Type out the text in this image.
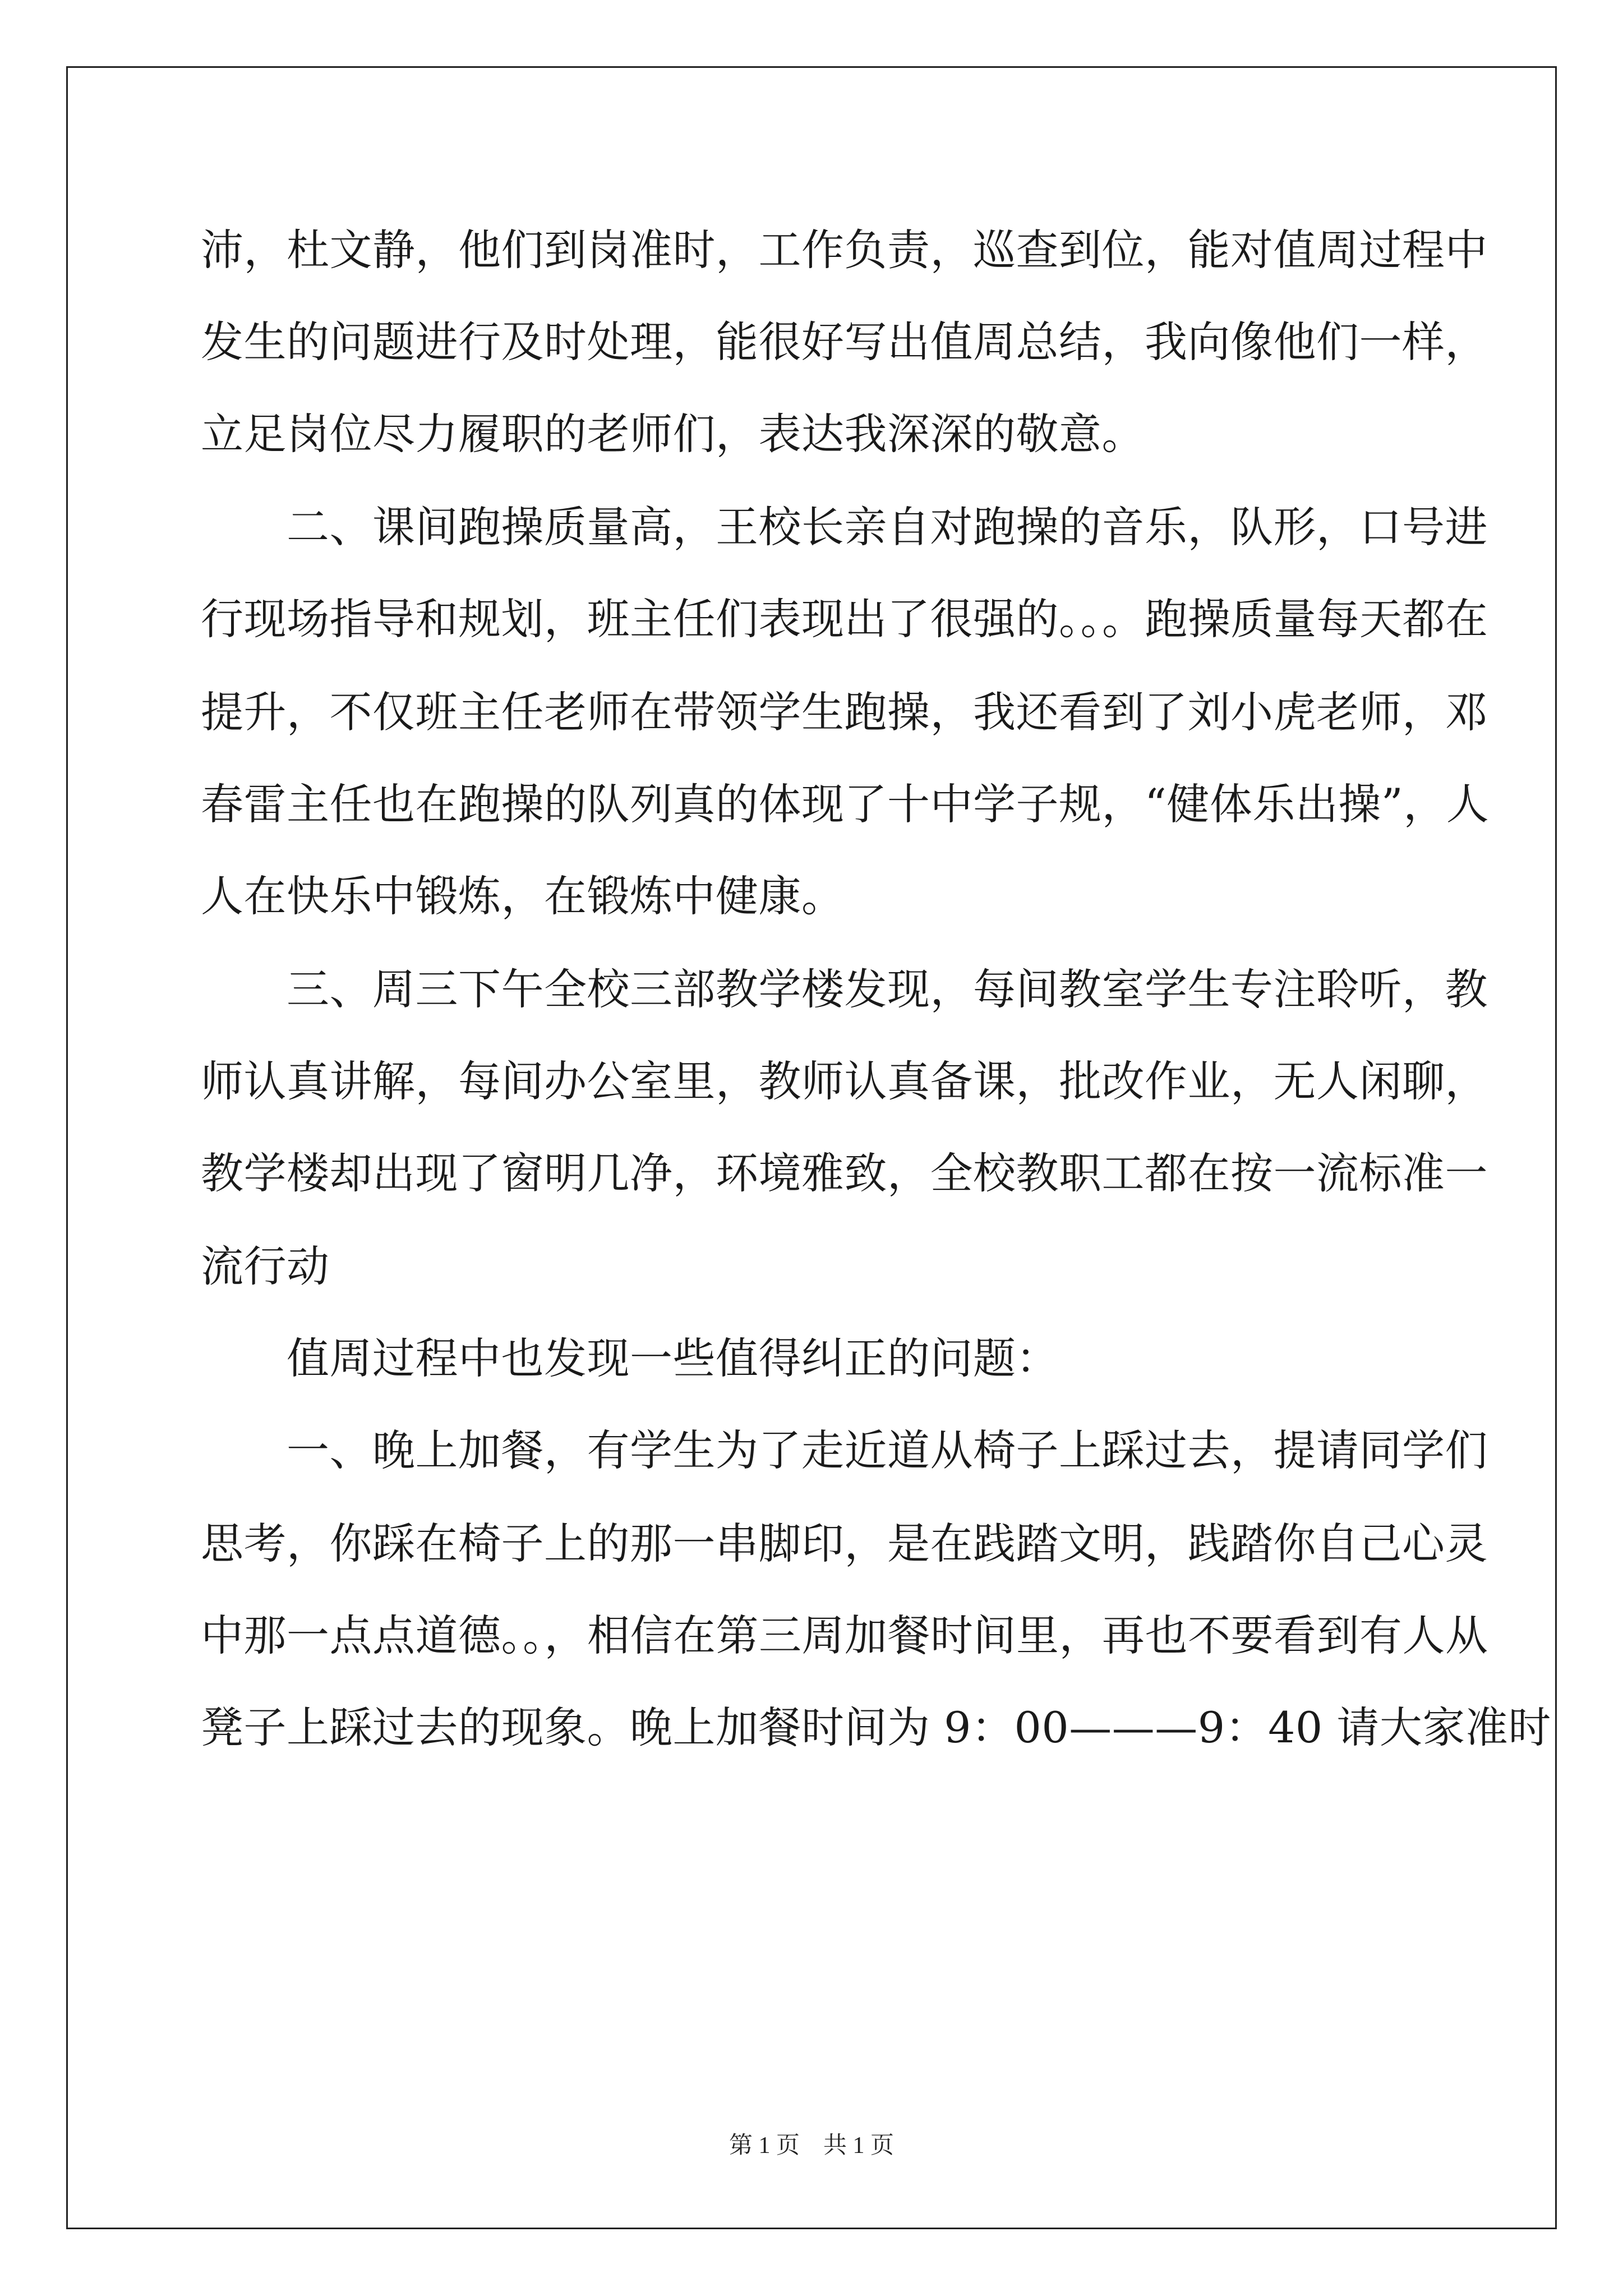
沛，杜文静，他们到岗准时，工作负责，巡查到位，能对值周过程中
发生的问题进行及时处理，能很好写出值周总结，我向像他们一样，
立足岗位尽力履职的老师们，表达我深深的敬意。
　　二、课间跑操质量高，王校长亲自对跑操的音乐，队形，口号进
行现场指导和规划，班主任们表现出了很强的。。。跑操质量每天都在
提升，不仅班主任老师在带领学生跑操，我还看到了刘小虎老师，邓
春雷主任也在跑操的队列真的体现了十中学子规，“健体乐出操”，人
人在快乐中锻炼，在锻炼中健康。
　　三、周三下午全校三部教学楼发现，每间教室学生专注聆听，教
师认真讲解，每间办公室里，教师认真备课，批改作业，无人闲聊，
教学楼却出现了窗明几净，环境雅致，全校教职工都在按一流标准一
流行动
　　值周过程中也发现一些值得纠正的问题：
　　一、晚上加餐，有学生为了走近道从椅子上踩过去，提请同学们
思考，你踩在椅子上的那一串脚印，是在践踏文明，践踏你自己心灵
中那一点点道德。。，相信在第三周加餐时间里，再也不要看到有人从
凳子上踩过去的现象。晚上加餐时间为 9：00———9：40 请大家准时
第 1 页　共 1 页
